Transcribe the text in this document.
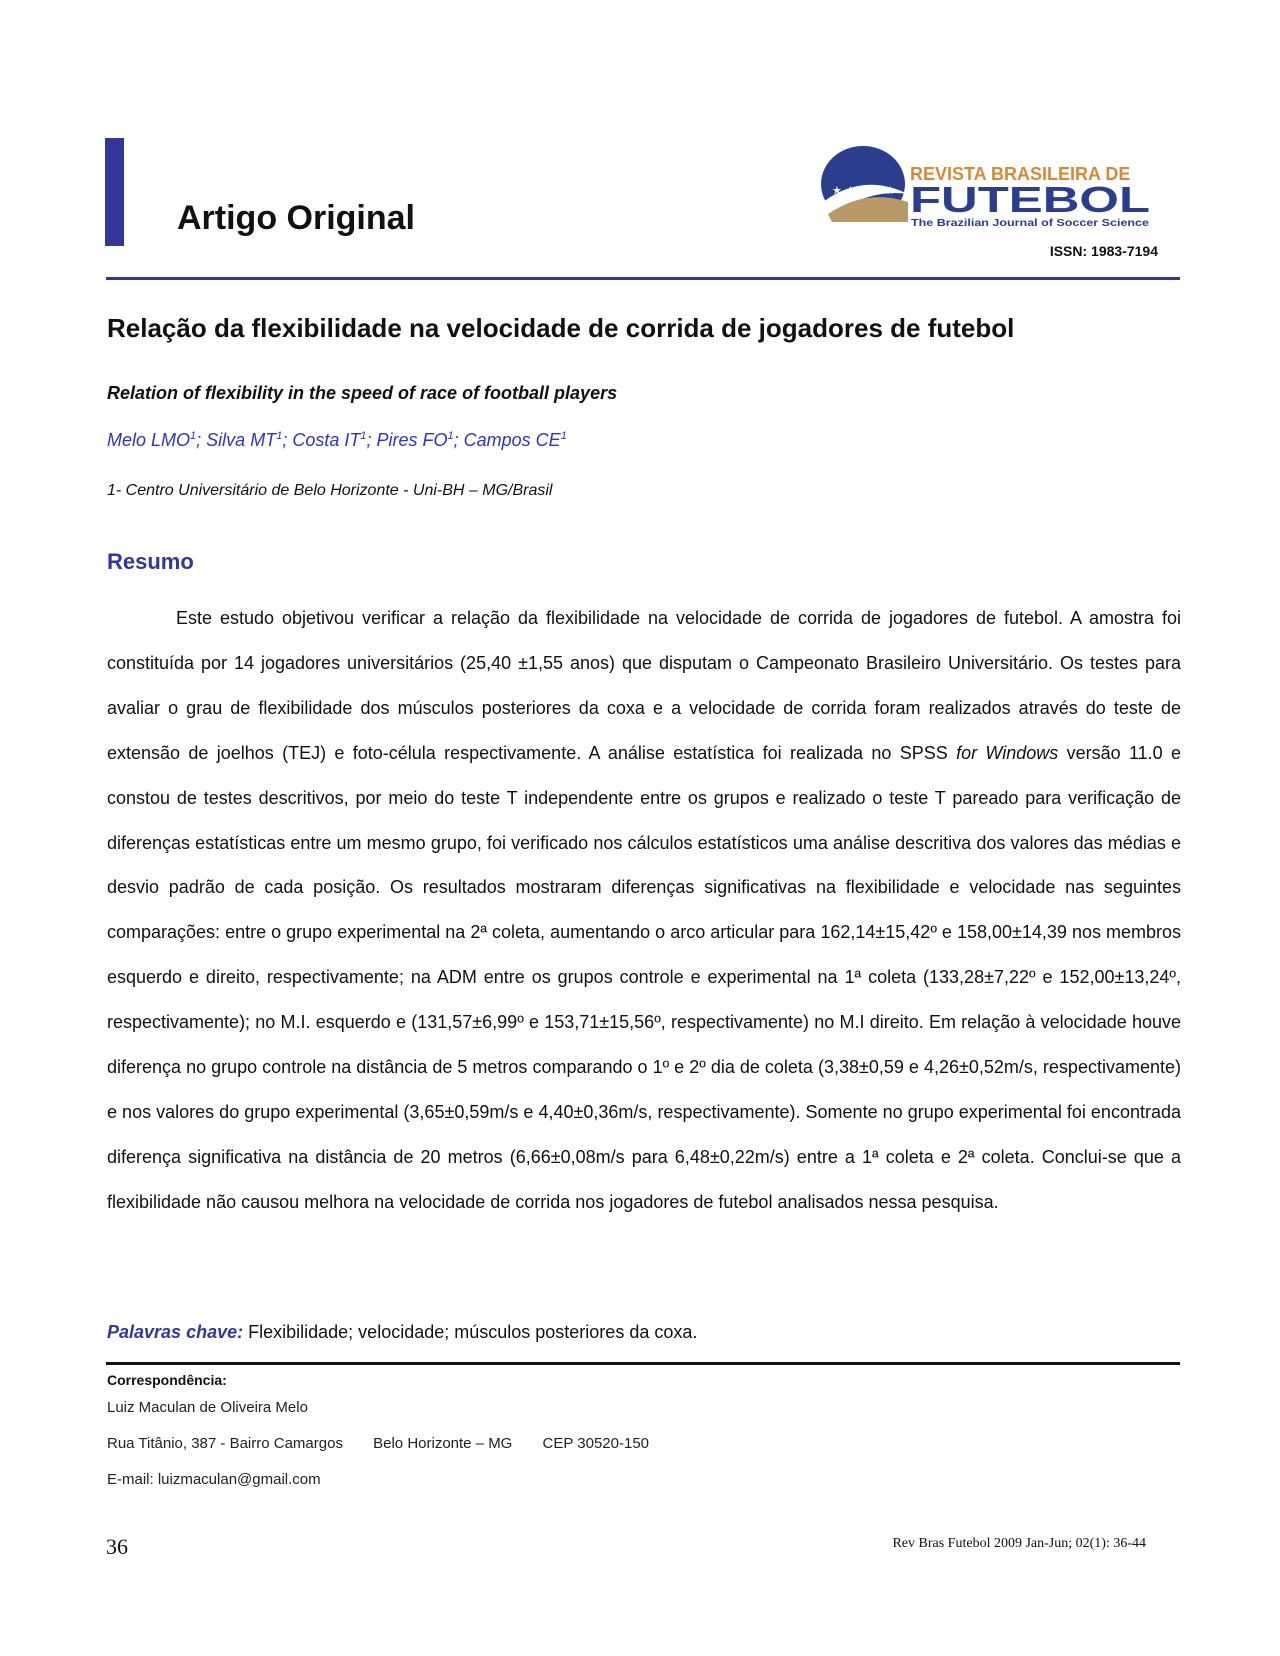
Artigo Original
★ ★ ★ ★ ★
REVISTA BRASILEIRA DE
FUTEBOL
The Brazilian Journal of Soccer Science
ISSN: 1983-7194
Relação da flexibilidade na velocidade de corrida de jogadores de futebol
Relation of flexibility in the speed of race of football players
Melo LMO$^1$; Silva $MT^1$; Costa $IT^1$; Pires $FO^1$; Campos $CE^1$
1- Centro Universitário de Belo Horizonte - Uni-BH – MG/Brasil
Resumo

Este estudo objetivou verificar a relação da flexibilidade na velocidade de corrida de jogadores de futebol. A amostra foi constituída por 14 jogadores universitários (25,40 ±1,55 anos) que disputam o Campeonato Brasileiro Universitário. Os testes para avaliar o grau de flexibilidade dos músculos posteriores da coxa e a velocidade de corrida foram realizados através do teste de extensão de joelhos (TEJ) e foto-célula respectivamente. A análise estatística foi realizada no SPSS for Windows versão 11.0 e constou de testes descritivos, por meio do teste T independente entre os grupos e realizado o teste T pareado para verificação de diferenças estatísticas entre um mesmo grupo, foi verificado nos cálculos estatísticos uma análise descritiva dos valores das médias e desvio padrão de cada posição. Os resultados mostraram diferenças significativas na flexibilidade e velocidade nas seguintes comparações: entre o grupo experimental na 2ª coleta, aumentando o arco articular para 162,14±15,42º e 158,00±14,39 nos membros esquerdo e direito, respectivamente; na ADM entre os grupos controle e experimental na 1ª coleta (133,28±7,22º e 152,00±13,24º, respectivamente); no M.I. esquerdo e (131,57±6,99º e 153,71±15,56º, respectivamente) no M.I direito. Em relação à velocidade houve diferença no grupo controle na distância de 5 metros comparando o 1º e 2º dia de coleta (3,38±0,59 e 4,26±0,52m/s, respectivamente) e nos valores do grupo experimental (3,65±0,59m/s e 4,40±0,36m/s, respectivamente). Somente no grupo experimental foi encontrada diferença significativa na distância de 20 metros (6,66±0,08m/s para 6,48±0,22m/s) entre a 1ª coleta e 2ª coleta. Conclui-se que a flexibilidade não causou melhora na velocidade de corrida nos jogadores de futebol analisados nessa pesquisa.

Palavras chave: Flexibilidade; velocidade; músculos posteriores da coxa.
Correspondência:
Luiz Maculan de Oliveira Melo
Rua Titânio, 387 - Bairro Camargos Belo Horizonte – MG CEP 30520-150
E-mail: luizmaculan@gmail.com
36	Rev Bras Futebol 2009 Jan-Jun; 02(1): 36-44
